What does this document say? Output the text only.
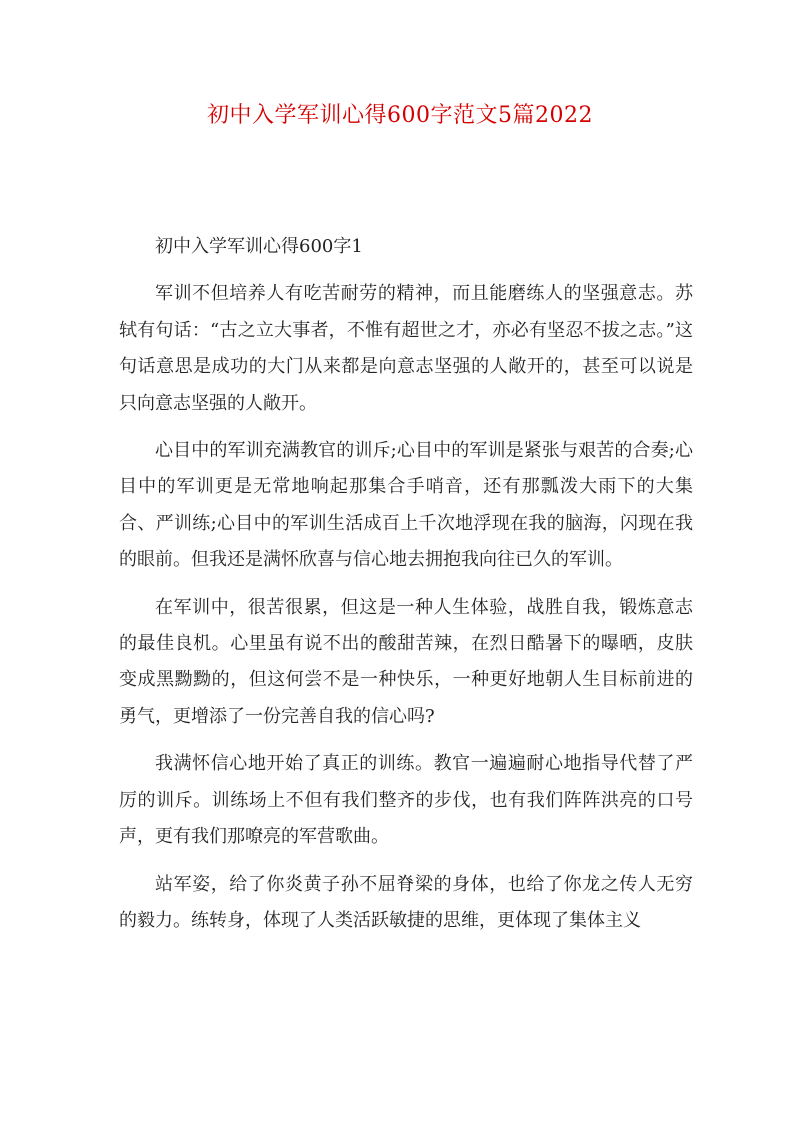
初中入学军训心得600字范文5篇2022

初中入学军训心得600字1

军训不但培养人有吃苦耐劳的精神，而且能磨练人的坚强意志。苏轼有句话：“古之立大事者，不惟有超世之才，亦必有坚忍不拔之志。”这句话意思是成功的大门从来都是向意志坚强的人敞开的，甚至可以说是只向意志坚强的人敞开。

心目中的军训充满教官的训斥;心目中的军训是紧张与艰苦的合奏;心目中的军训更是无常地响起那集合手哨音，还有那瓢泼大雨下的大集合、严训练;心目中的军训生活成百上千次地浮现在我的脑海，闪现在我的眼前。但我还是满怀欣喜与信心地去拥抱我向往已久的军训。

在军训中，很苦很累，但这是一种人生体验，战胜自我，锻炼意志的最佳良机。心里虽有说不出的酸甜苦辣，在烈日酷暑下的曝晒，皮肤变成黑黝黝的，但这何尝不是一种快乐，一种更好地朝人生目标前进的勇气，更增添了一份完善自我的信心吗?

我满怀信心地开始了真正的训练。教官一遍遍耐心地指导代替了严厉的训斥。训练场上不但有我们整齐的步伐，也有我们阵阵洪亮的口号声，更有我们那嘹亮的军营歌曲。

站军姿，给了你炎黄子孙不屈脊梁的身体，也给了你龙之传人无穷的毅力。练转身，体现了人类活跃敏捷的思维，更体现了集体主义
